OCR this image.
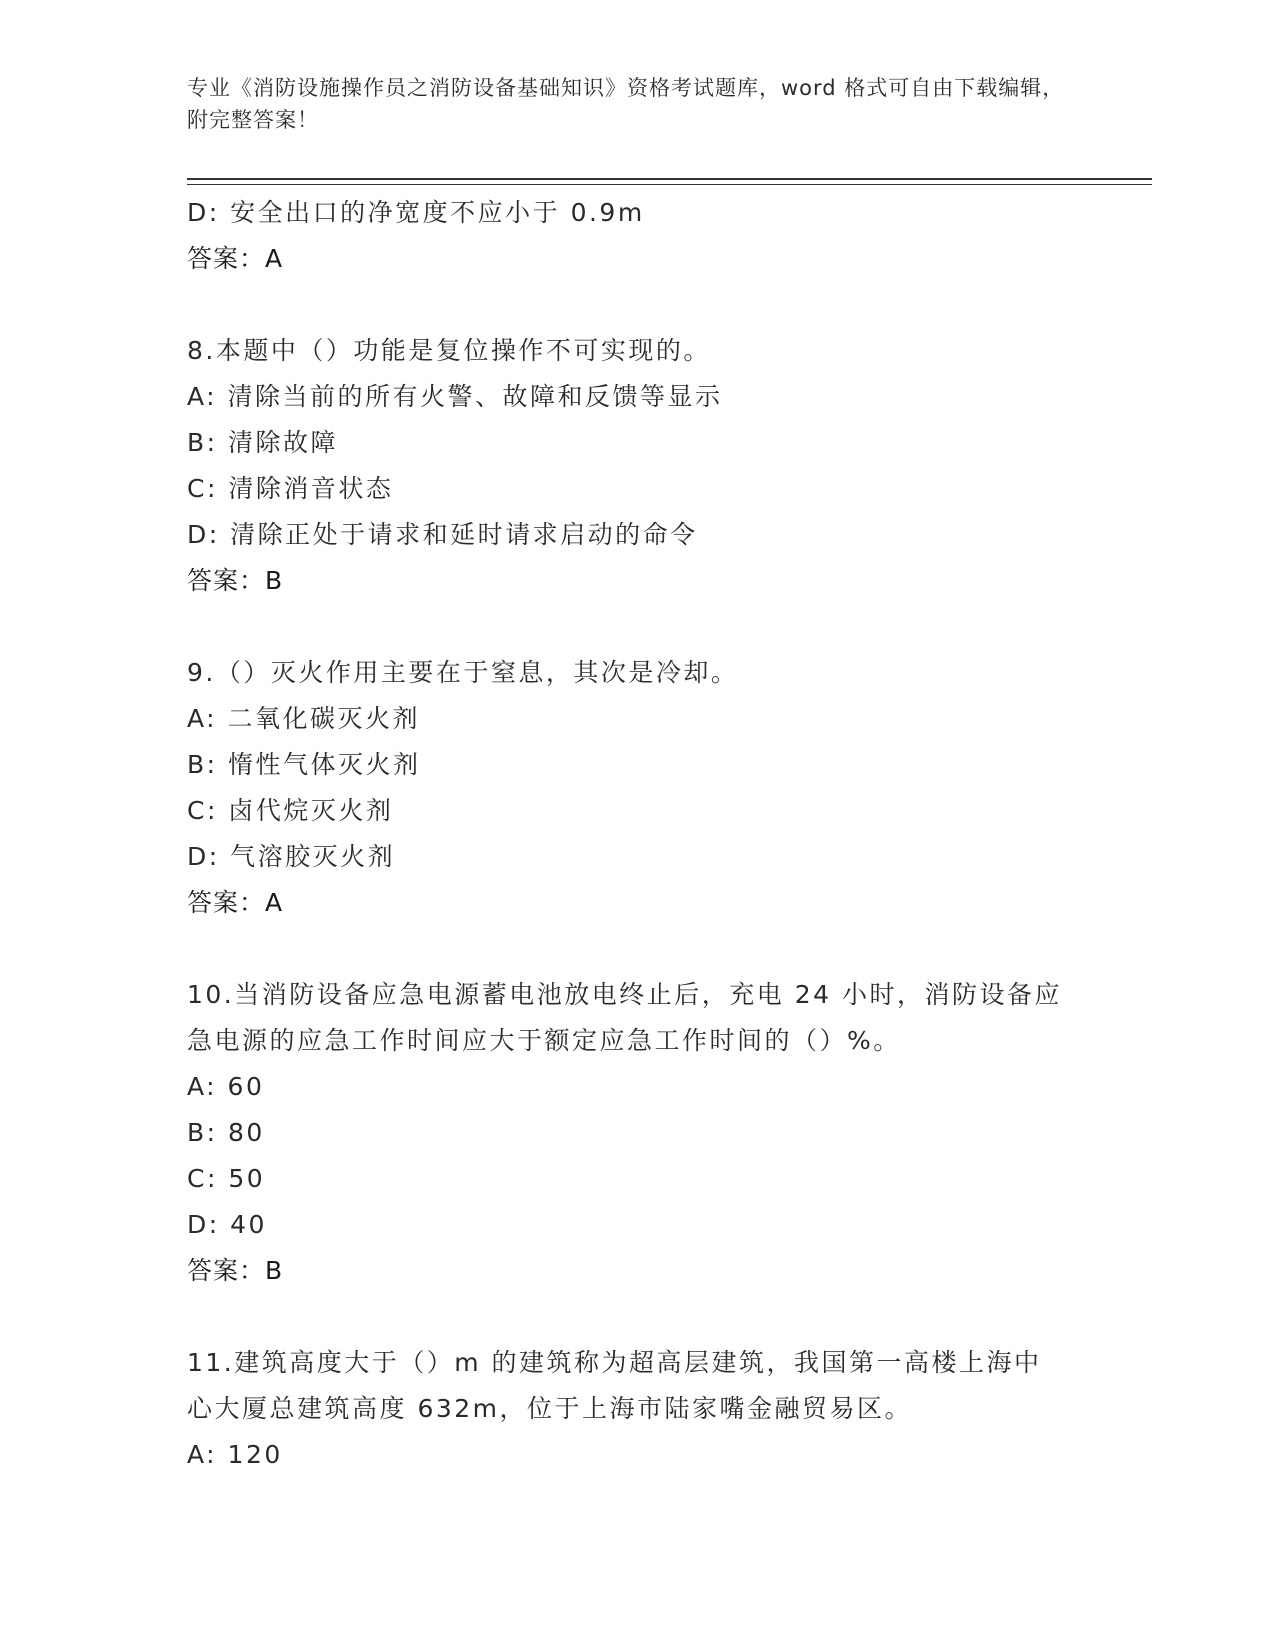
专业《消防设施操作员之消防设备基础知识》资格考试题库，word 格式可自由下载编辑，附完整答案！
D: 安全出口的净宽度不应小于 0.9m
答案：A
8.本题中（）功能是复位操作不可实现的。
A: 清除当前的所有火警、故障和反馈等显示
B: 清除故障
C: 清除消音状态
D: 清除正处于请求和延时请求启动的命令
答案：B
9.（）灭火作用主要在于窒息，其次是冷却。
A: 二氧化碳灭火剂
B: 惰性气体灭火剂
C: 卤代烷灭火剂
D: 气溶胶灭火剂
答案：A
10.当消防设备应急电源蓄电池放电终止后，充电 24 小时，消防设备应急电源的应急工作时间应大于额定应急工作时间的（）%。
A: 60
B: 80
C: 50
D: 40
答案：B
11.建筑高度大于（）m 的建筑称为超高层建筑，我国第一高楼上海中心大厦总建筑高度 632m，位于上海市陆家嘴金融贸易区。
A: 120
